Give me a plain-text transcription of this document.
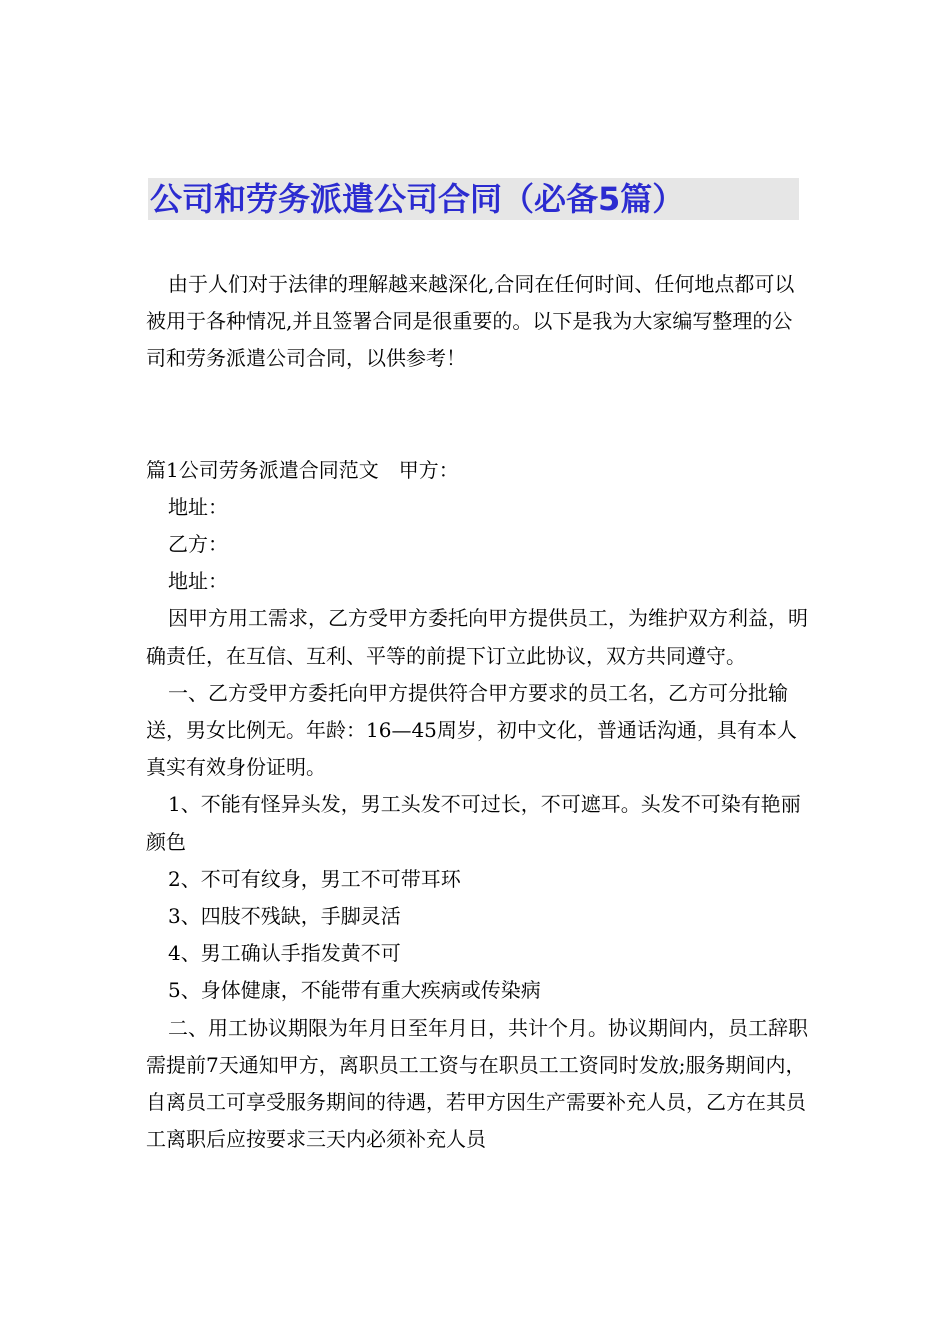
公司和劳务派遣公司合同（必备5篇）

由于人们对于法律的理解越来越深化,合同在任何时间、任何地点都可以被用于各种情况,并且签署合同是很重要的。以下是我为大家编写整理的公司和劳务派遣公司合同，以供参考！

篇1公司劳务派遣合同范文　甲方：

地址：

乙方：

地址：

因甲方用工需求，乙方受甲方委托向甲方提供员工，为维护双方利益，明确责任，在互信、互利、平等的前提下订立此协议，双方共同遵守。

一、乙方受甲方委托向甲方提供符合甲方要求的员工名，乙方可分批输送，男女比例无。年龄：16—45周岁，初中文化，普通话沟通，具有本人真实有效身份证明。

1、不能有怪异头发，男工头发不可过长，不可遮耳。头发不可染有艳丽颜色

2、不可有纹身，男工不可带耳环

3、四肢不残缺，手脚灵活

4、男工确认手指发黄不可

5、身体健康，不能带有重大疾病或传染病

二、用工协议期限为年月日至年月日，共计个月。协议期间内，员工辞职需提前7天通知甲方，离职员工工资与在职员工工资同时发放;服务期间内，自离员工可享受服务期间的待遇，若甲方因生产需要补充人员，乙方在其员工离职后应按要求三天内必须补充人员
